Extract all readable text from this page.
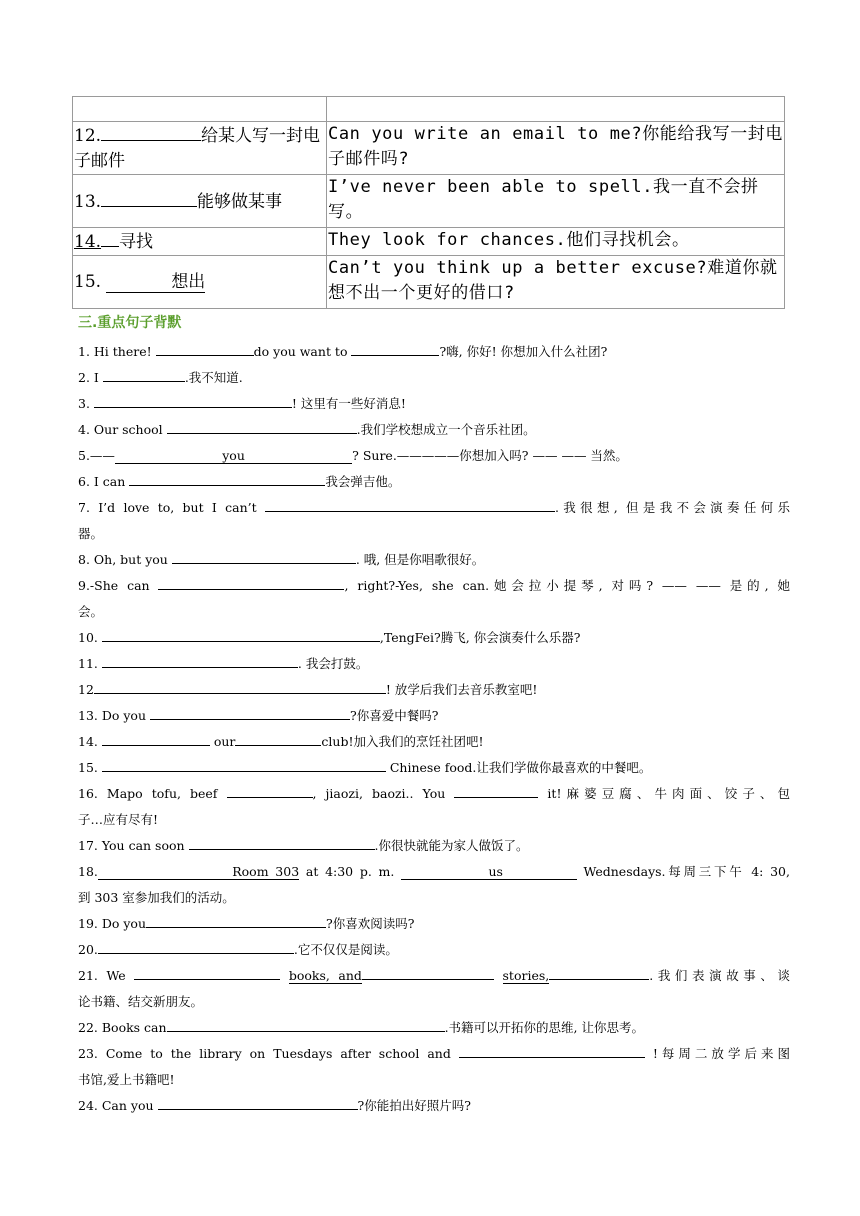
12. 给某人写一封电子邮件	Can you write an email to me?你能给我写一封电子邮件吗?
13. 能够做某事	I’ve never been able to spell.我一直不会拼写。
14. 寻找	They look for chances.他们寻找机会。
15. 想出	Can’t you think up a better excuse?难道你就想不出一个更好的借口?
三.重点句子背默
1. Hi there!	do you want to	?嗨, 你好! 你想加入什么社团?
2. I	.我不知道.
3.	! 这里有一些好消息!
4. Our school	.我们学校想成立一个音乐社团。
5.——	you	? Sure.—————你想加入吗? —— —— 当然。
6. I can	我会弹吉他。
7. I’d love to, but I can’t	.我很想, 但是我不会演奏任何乐
器。
8. Oh, but you	. 哦, 但是你唱歌很好。
9.-She can	, right?-Yes, she can.她会拉小提琴, 对吗? —— —— 是的, 她
会。
10.	,TengFei?腾飞, 你会演奏什么乐器?
11.	. 我会打鼓。
12	! 放学后我们去音乐教室吧!
13. Do you	?你喜爱中餐吗?
14.	our	club!加入我们的烹饪社团吧!
15.	Chinese food.让我们学做你最喜欢的中餐吧。
16. Mapo tofu, beef	, jiaozi, baozi.. You	it!麻婆豆腐、牛肉面、饺子、包
子…应有尽有!
17. You can soon	.你很快就能为家人做饭了。
18.	Room 303 at 4:30 p. m.	us	Wednesdays.每周三下午 4: 30,
到 303 室参加我们的活动。
19. Do you	?你喜欢阅读吗?
20.	.它不仅仅是阅读。
21. We	books, and	stories,	.我们表演故事、谈
论书籍、结交新朋友。
22. Books can	.书籍可以开拓你的思维, 让你思考。
23. Come to the library on Tuesdays after school and	!每周二放学后来图
书馆,爱上书籍吧!
24. Can you	?你能拍出好照片吗?
